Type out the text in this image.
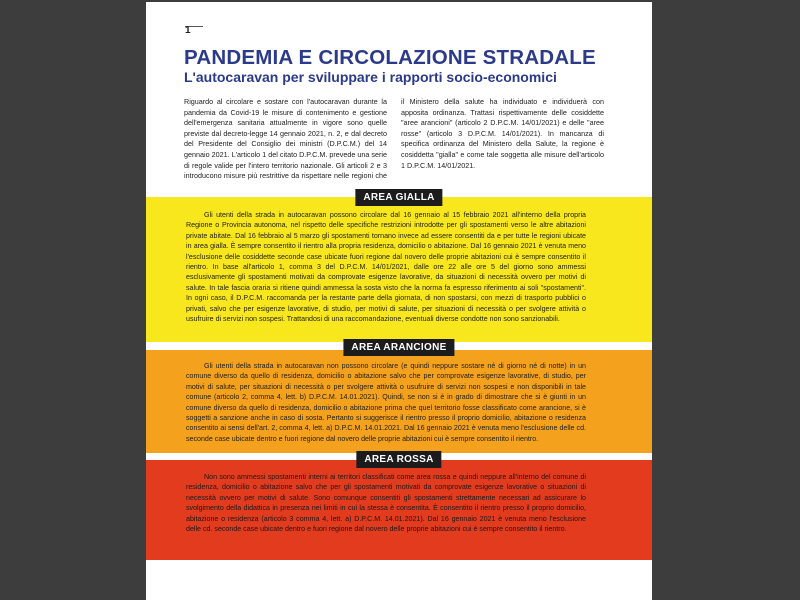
1
PANDEMIA E CIRCOLAZIONE STRADALE
L'autocaravan per sviluppare i rapporti socio-economici

Riguardo al circolare e sostare con l'autocaravan durante la pandemia da Covid-19 le misure di contenimento e gestione dell'emergenza sanitaria attualmente in vigore sono quelle previste dal decreto-legge 14 gennaio 2021, n. 2, e dal decreto del Presidente del Consiglio dei ministri (D.P.C.M.) del 14 gennaio 2021. L'articolo 1 del citato D.P.C.M. prevede una serie di regole valide per l'intero territorio nazionale. Gli articoli 2 e 3 introducono misure più restrittive da rispettare nelle regioni che il Ministero della salute ha individuato e individuerà con apposita ordinanza. Trattasi rispettivamente delle cosiddette "aree arancioni" (articolo 2 D.P.C.M. 14/01/2021) e delle "aree rosse" (articolo 3 D.P.C.M. 14/01/2021). In mancanza di specifica ordinanza del Ministero della Salute, la regione è cosiddetta "gialla" e come tale soggetta alle misure dell'articolo 1 D.P.C.M. 14/01/2021.

AREA GIALLA

Gli utenti della strada in autocaravan possono circolare dal 16 gennaio al 15 febbraio 2021 all'interno della propria Regione o Provincia autonoma, nel rispetto delle specifiche restrizioni introdotte per gli spostamenti verso le altre abitazioni private abitate. Dal 16 febbraio al 5 marzo gli spostamenti tornano invece ad essere consentiti da e per tutte le regioni ubicate in area gialla. È sempre consentito il rientro alla propria residenza, domicilio o abitazione. Dal 16 gennaio 2021 è venuta meno l'esclusione delle cosiddette seconde case ubicate fuori regione dal novero delle proprie abitazioni cui è sempre consentito il rientro. In base all'articolo 1, comma 3 del D.P.C.M. 14/01/2021, dalle ore 22 alle ore 5 del giorno sono ammessi esclusivamente gli spostamenti motivati da comprovate esigenze lavorative, da situazioni di necessità ovvero per motivi di salute. In tale fascia oraria si ritiene quindi ammessa la sosta visto che la norma fa espresso riferimento ai soli "spostamenti". In ogni caso, il D.P.C.M. raccomanda per la restante parte della giornata, di non spostarsi, con mezzi di trasporto pubblici o privati, salvo che per esigenze lavorative, di studio, per motivi di salute, per situazioni di necessità o per svolgere attività o usufruire di servizi non sospesi. Trattandosi di una raccomandazione, eventuali diverse condotte non sono sanzionabili.

AREA ARANCIONE

Gli utenti della strada in autocaravan non possono circolare (e quindi neppure sostare né di giorno né di notte) in un comune diverso da quello di residenza, domicilio o abitazione salvo che per comprovate esigenze lavorative, di studio, per motivi di salute, per situazioni di necessità o per svolgere attività o usufruire di servizi non sospesi e non disponibili in tale comune (articolo 2, comma 4, lett. b) D.P.C.M. 14.01.2021). Quindi, se non si è in grado di dimostrare che si è giunti in un comune diverso da quello di residenza, domicilio o abitazione prima che quel territorio fosse classificato come arancione, si è soggetti a sanzione anche in caso di sosta. Pertanto si suggerisce il rientro presso il proprio domicilio, abitazione o residenza consentito ai sensi dell'art. 2, comma 4, lett. a) D.P.C.M. 14.01.2021. Dal 16 gennaio 2021 è venuta meno l'esclusione delle cd. seconde case ubicate dentro e fuori regione dal novero delle proprie abitazioni cui è sempre consentito il rientro.

AREA ROSSA

Non sono ammessi spostamenti interni ai territori classificati come area rossa e quindi neppure all'interno del comune di residenza, domicilio o abitazione salvo che per gli spostamenti motivati da comprovate esigenze lavorative o situazioni di necessità ovvero per motivi di salute. Sono comunque consentiti gli spostamenti strettamente necessari ad assicurare lo svolgimento della didattica in presenza nei limiti in cui la stessa è consentita. È consentito il rientro presso il proprio domicilio, abitazione o residenza (articolo 3 comma 4, lett. a) D.P.C.M. 14.01.2021). Dal 16 gennaio 2021 è venuta meno l'esclusione delle cd. seconde case ubicate dentro e fuori regione dal novero delle proprie abitazioni cui è sempre consentito il rientro.
